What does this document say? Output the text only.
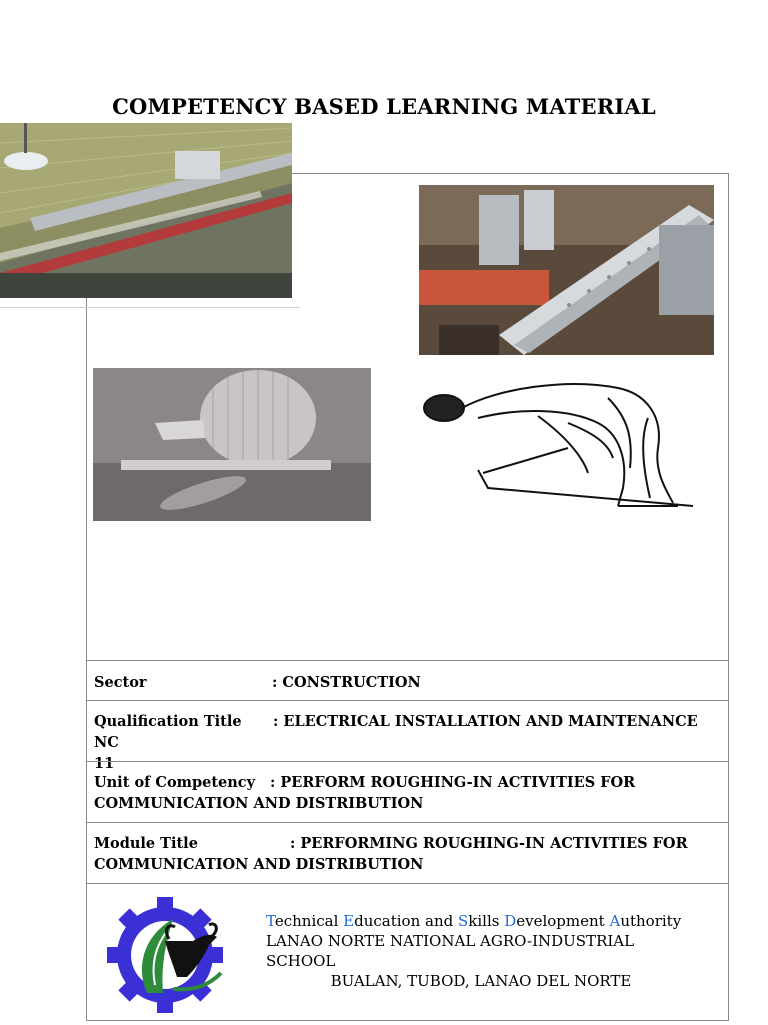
COMPETENCY BASED LEARNING MATERIAL
Sector	: CONSTRUCTION
Qualification Title : ELECTRICAL INSTALLATION AND MAINTENANCE NC
11
Unit of Competency : PERFORM ROUGHING-IN ACTIVITIES FOR
COMMUNICATION AND DISTRIBUTION
Module Title	: PERFORMING ROUGHING-IN ACTIVITIES FOR
COMMUNICATION AND DISTRIBUTION
Technical Education and Skills Development Authority
LANAO NORTE NATIONAL AGRO-INDUSTRIAL SCHOOL
BUALAN, TUBOD, LANAO DEL NORTE
